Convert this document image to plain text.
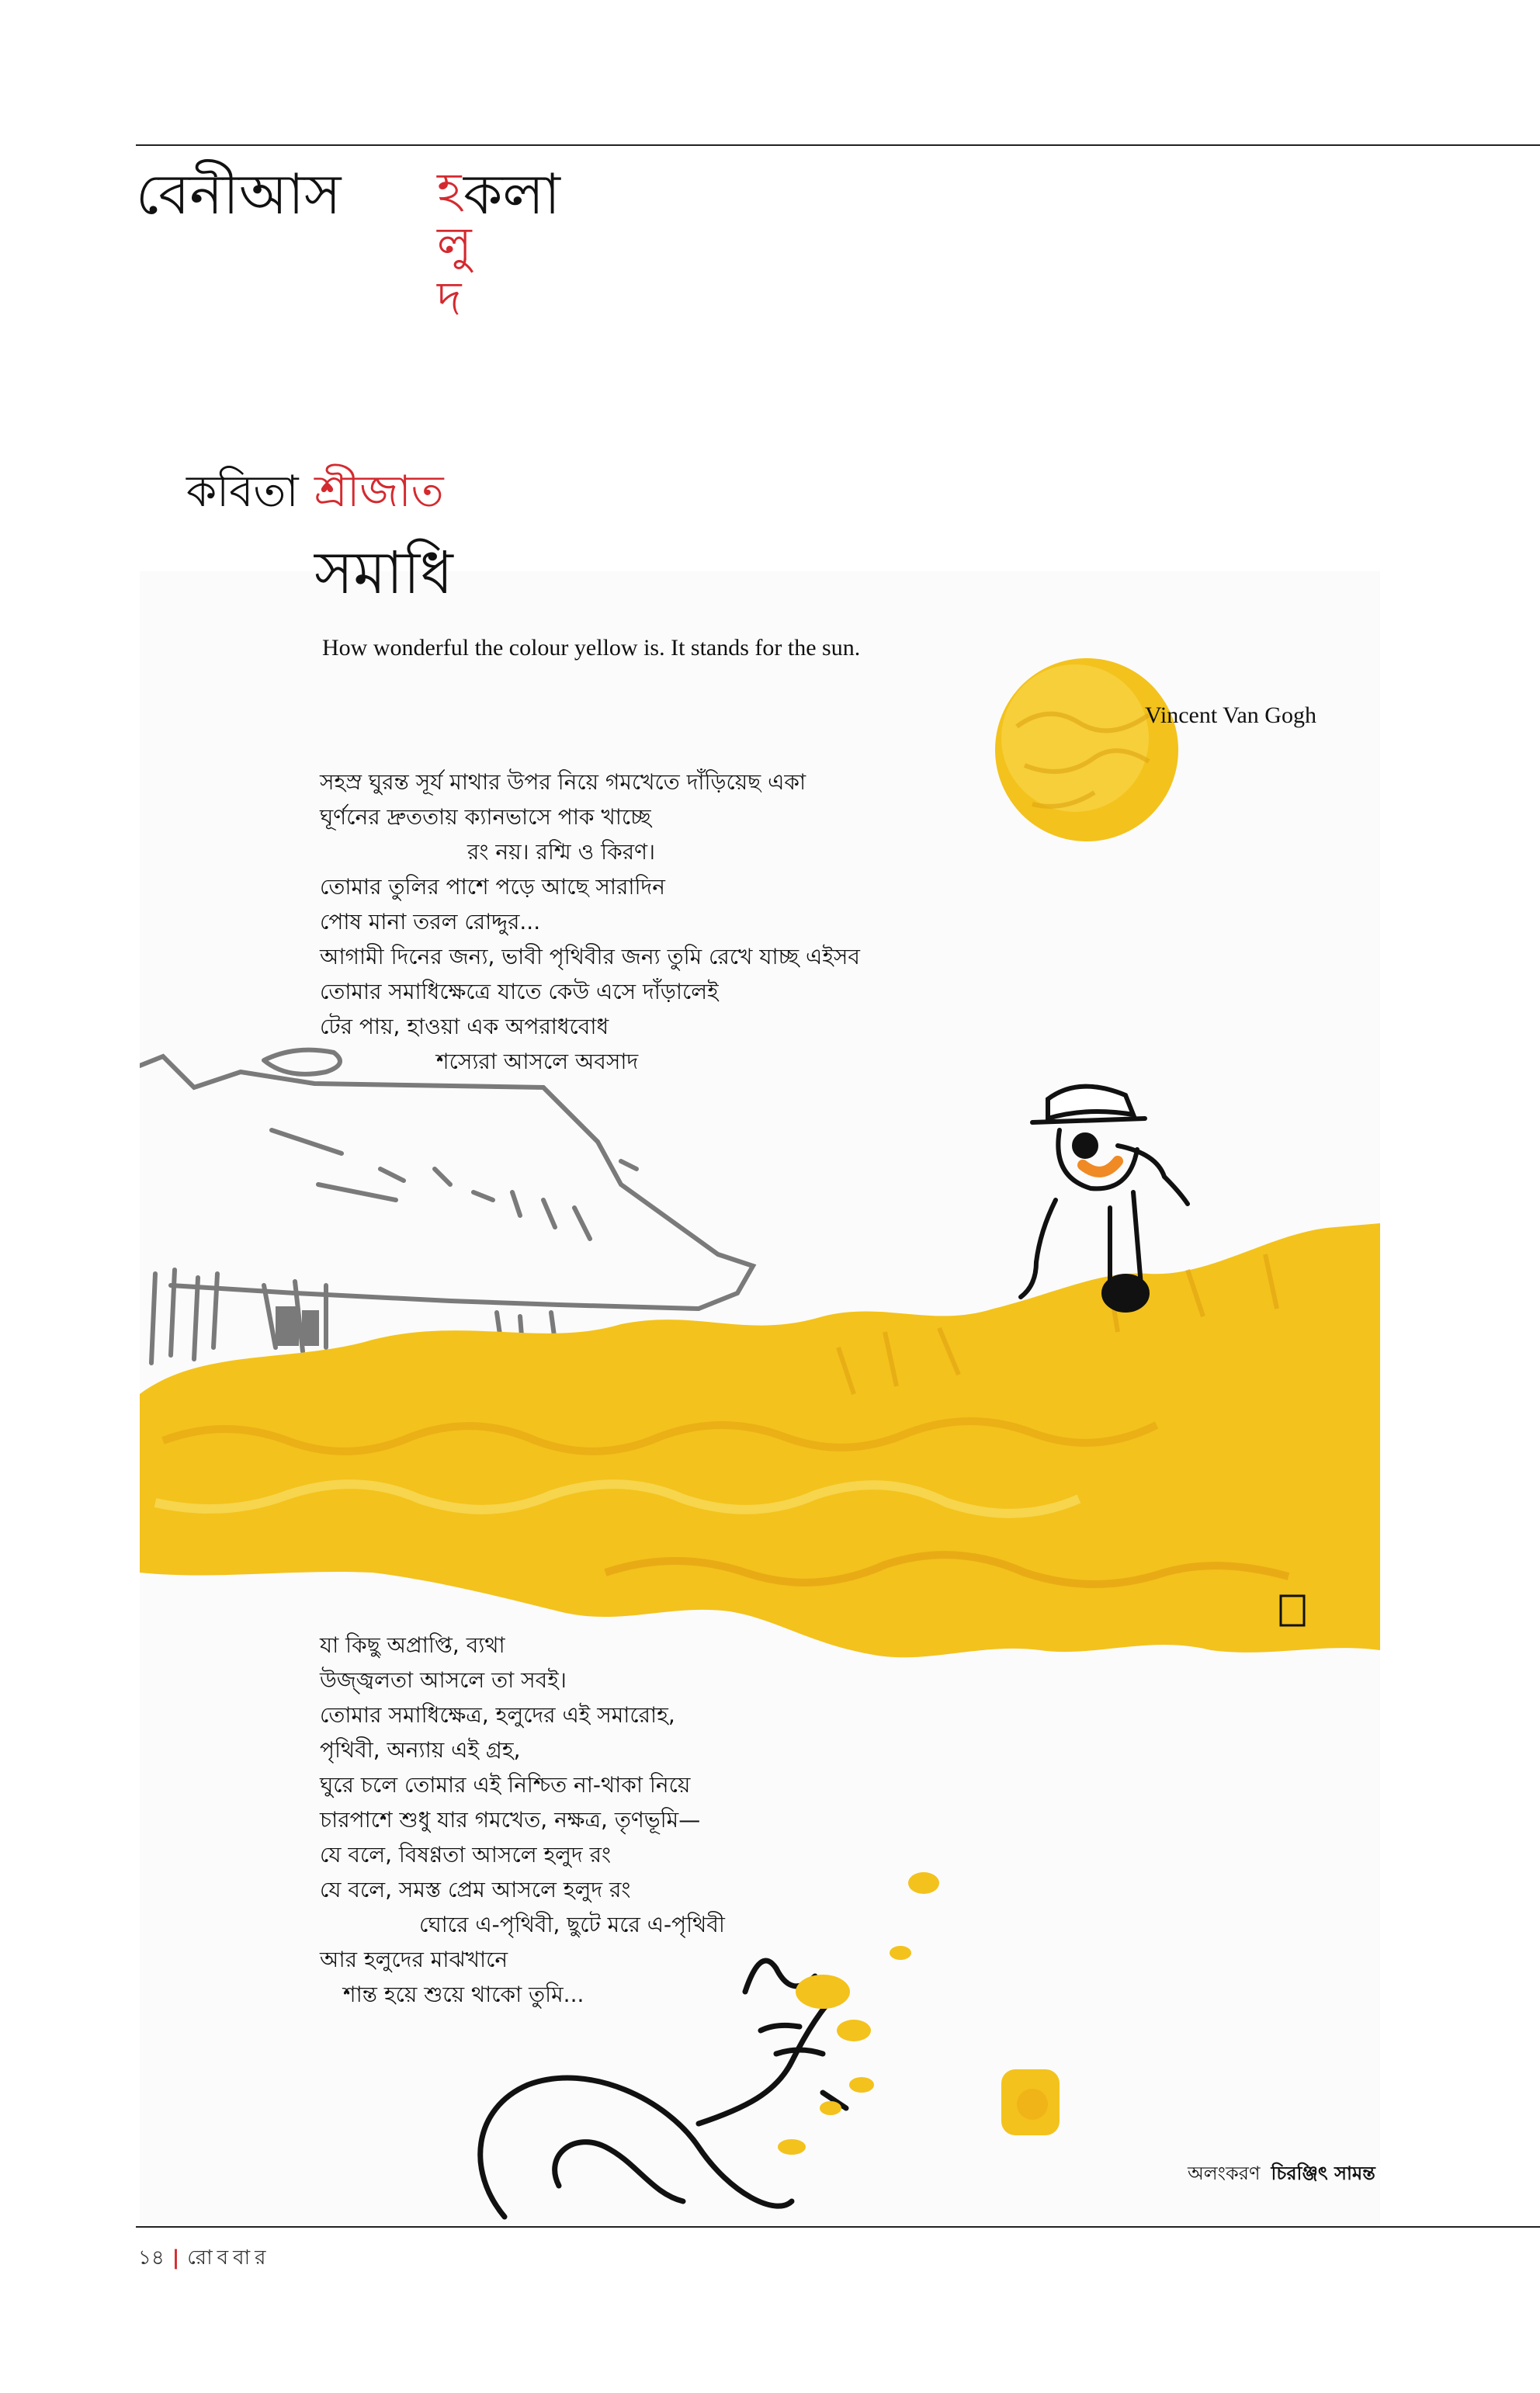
বেনীআস হ
লু
দ
কলা
কবিতা শ্রীজাত
সমাধি
How wonderful the colour yellow is. It stands for the sun.
Vincent Van Gogh
সহস্র ঘুরন্ত সূর্য মাথার উপর নিয়ে গমখেতে দাঁড়িয়েছ একা
ঘূর্ণনের দ্রুততায় ক্যানভাসে পাক খাচ্ছে
রং নয়। রশ্মি ও কিরণ।
তোমার তুলির পাশে পড়ে আছে সারাদিন
পোষ মানা তরল রোদ্দুর...
আগামী দিনের জন্য, ভাবী পৃথিবীর জন্য তুমি রেখে যাচ্ছ এইসব
তোমার সমাধিক্ষেত্রে যাতে কেউ এসে দাঁড়ালেই
টের পায়, হাওয়া এক অপরাধবোধ
শস্যেরা আসলে অবসাদ
যা কিছু অপ্রাপ্তি, ব্যথা
উজ্জ্বলতা আসলে তা সবই।
তোমার সমাধিক্ষেত্র, হলুদের এই সমারোহ,
পৃথিবী, অন্যায় এই গ্রহ,
ঘুরে চলে তোমার এই নিশ্চিত না-থাকা নিয়ে
চারপাশে শুধু যার গমখেত, নক্ষত্র, তৃণভূমি—
যে বলে, বিষণ্ণতা আসলে হলুদ রং
যে বলে, সমস্ত প্রেম আসলে হলুদ রং
ঘোরে এ-পৃথিবী, ছুটে মরে এ-পৃথিবী
আর হলুদের মাঝখানে
শান্ত হয়ে শুয়ে থাকো তুমি...
অলংকরণ চিরঞ্জিৎ সামন্ত
১৪ | রোববার
